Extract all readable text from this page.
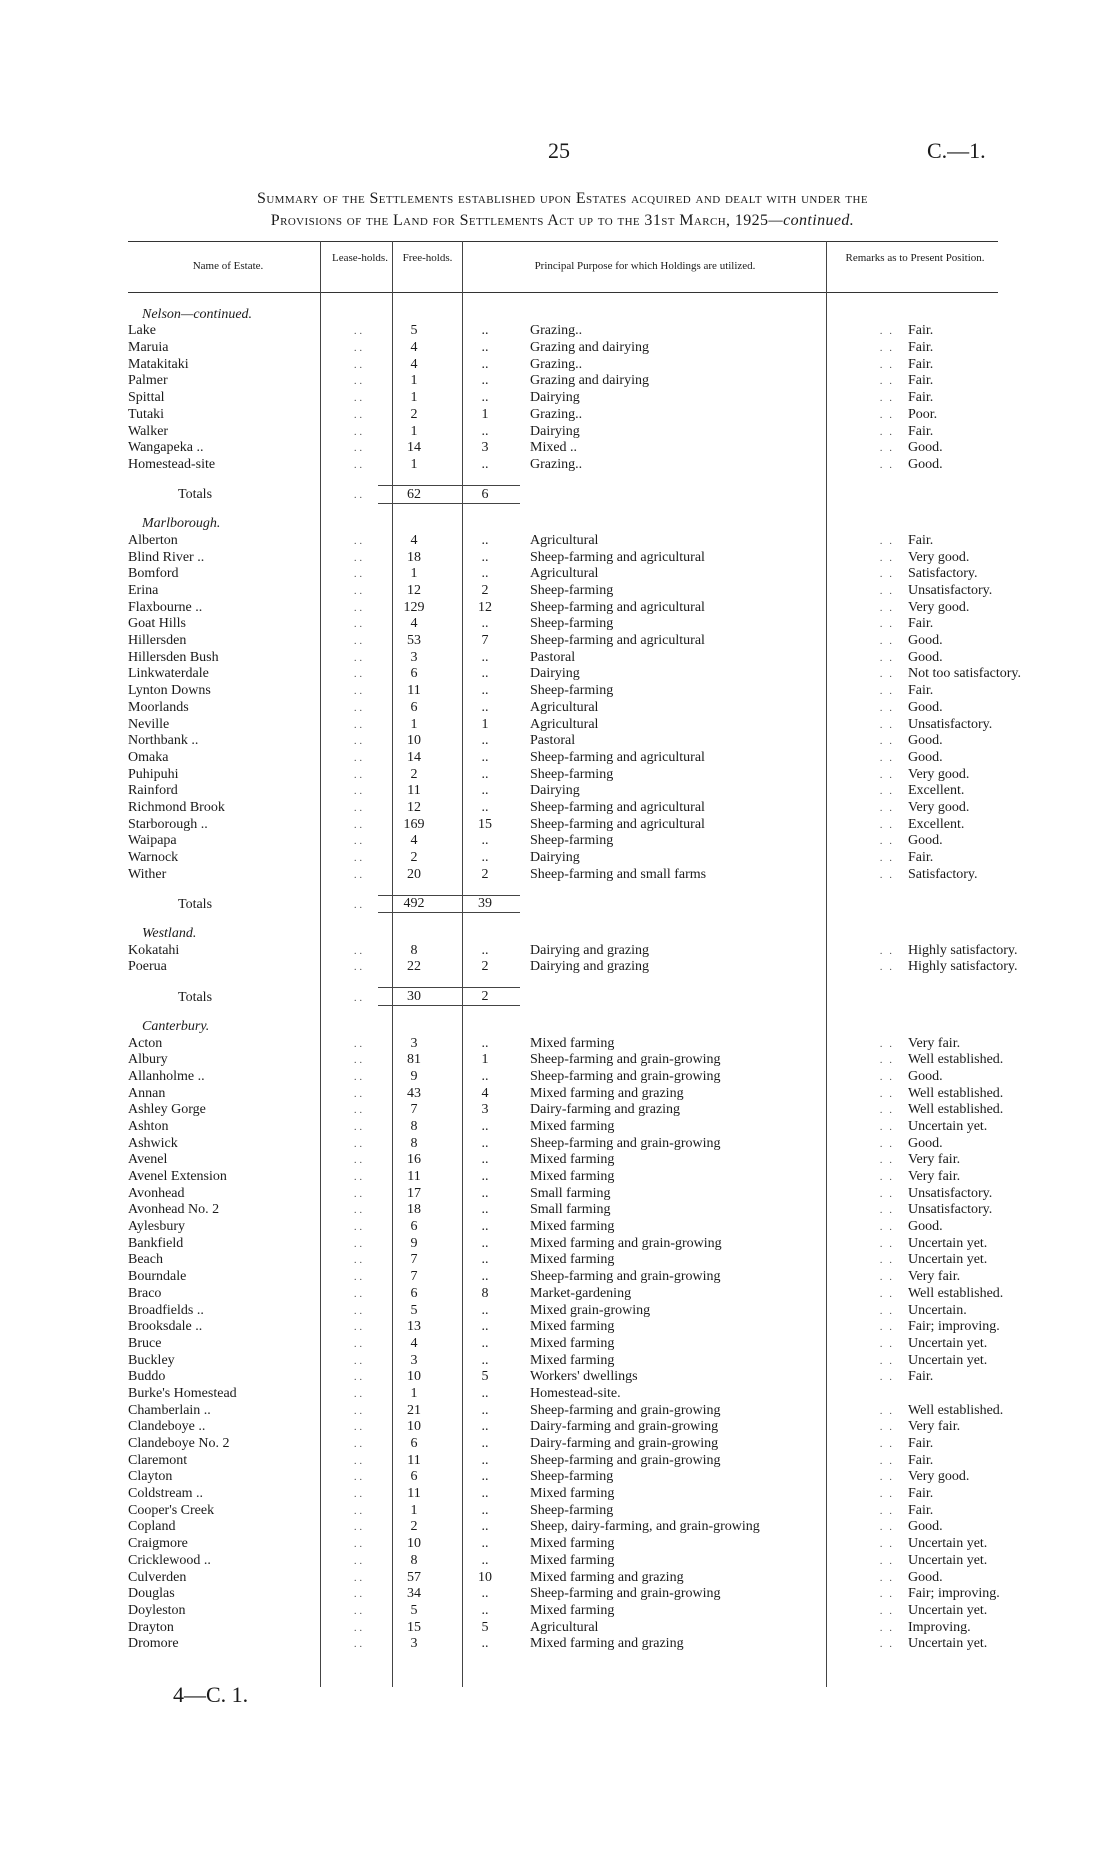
25	C.—1.
Summary of the Settlements established upon Estates acquired and dealt with under the
Provisions of the Land for Settlements Act up to the 31st March, 1925—continued.
Name of Estate.
Lease-holds.	Free-holds.
Principal Purpose for which Holdings are utilized.
Remarks as to Present Position.
Nelson—continued.						
Lake	. .	5	..	Grazing..	. .	Fair.
Maruia	. .	4	..	Grazing and dairying	. .	Fair.
Matakitaki	. .	4	..	Grazing..	. .	Fair.
Palmer	. .	1	..	Grazing and dairying	. .	Fair.
Spittal	. .	1	..	Dairying	. .	Fair.
Tutaki	. .	2	1	Grazing..	. .	Poor.
Walker	. .	1	..	Dairying	. .	Fair.
Wangapeka ..	. .	14	3	Mixed ..	. .	Good.
Homestead-site	. .	1	..	Grazing..	. .	Good.

Totals	. .	62	6			

Marlborough.						
Alberton	. .	4	..	Agricultural	. .	Fair.
Blind River ..	. .	18	..	Sheep-farming and agricultural	. .	Very good.
Bomford	. .	1	..	Agricultural	. .	Satisfactory.
Erina	. .	12	2	Sheep-farming	. .	Unsatisfactory.
Flaxbourne ..	. .	129	12	Sheep-farming and agricultural	. .	Very good.
Goat Hills	. .	4	..	Sheep-farming	. .	Fair.
Hillersden	. .	53	7	Sheep-farming and agricultural	. .	Good.
Hillersden Bush	. .	3	..	Pastoral	. .	Good.
Linkwaterdale	. .	6	..	Dairying	. .	Not too satisfactory.
Lynton Downs	. .	11	..	Sheep-farming	. .	Fair.
Moorlands	. .	6	..	Agricultural	. .	Good.
Neville	. .	1	1	Agricultural	. .	Unsatisfactory.
Northbank ..	. .	10	..	Pastoral	. .	Good.
Omaka	. .	14	..	Sheep-farming and agricultural	. .	Good.
Puhipuhi	. .	2	..	Sheep-farming	. .	Very good.
Rainford	. .	11	..	Dairying	. .	Excellent.
Richmond Brook	. .	12	..	Sheep-farming and agricultural	. .	Very good.
Starborough ..	. .	169	15	Sheep-farming and agricultural	. .	Excellent.
Waipapa	. .	4	..	Sheep-farming	. .	Good.
Warnock	. .	2	..	Dairying	. .	Fair.
Wither	. .	20	2	Sheep-farming and small farms	. .	Satisfactory.

Totals	. .	492	39			

Westland.						
Kokatahi	. .	8	..	Dairying and grazing	. .	Highly satisfactory.
Poerua	. .	22	2	Dairying and grazing	. .	Highly satisfactory.

Totals	. .	30	2			

Canterbury.						
Acton	. .	3	..	Mixed farming	. .	Very fair.
Albury	. .	81	1	Sheep-farming and grain-growing	. .	Well established.
Allanholme ..	. .	9	..	Sheep-farming and grain-growing	. .	Good.
Annan	. .	43	4	Mixed farming and grazing	. .	Well established.
Ashley Gorge	. .	7	3	Dairy-farming and grazing	. .	Well established.
Ashton	. .	8	..	Mixed farming	. .	Uncertain yet.
Ashwick	. .	8	..	Sheep-farming and grain-growing	. .	Good.
Avenel	. .	16	..	Mixed farming	. .	Very fair.
Avenel Extension	. .	11	..	Mixed farming	. .	Very fair.
Avonhead	. .	17	..	Small farming	. .	Unsatisfactory.
Avonhead No. 2	. .	18	..	Small farming	. .	Unsatisfactory.
Aylesbury	. .	6	..	Mixed farming	. .	Good.
Bankfield	. .	9	..	Mixed farming and grain-growing	. .	Uncertain yet.
Beach	. .	7	..	Mixed farming	. .	Uncertain yet.
Bourndale	. .	7	..	Sheep-farming and grain-growing	. .	Very fair.
Braco	. .	6	8	Market-gardening	. .	Well established.
Broadfields ..	. .	5	..	Mixed grain-growing	. .	Uncertain.
Brooksdale ..	. .	13	..	Mixed farming	. .	Fair; improving.
Bruce	. .	4	..	Mixed farming	. .	Uncertain yet.
Buckley	. .	3	..	Mixed farming	. .	Uncertain yet.
Buddo	. .	10	5	Workers' dwellings	. .	Fair.
Burke's Homestead	. .	1	..	Homestead-site.		
Chamberlain ..	. .	21	..	Sheep-farming and grain-growing	. .	Well established.
Clandeboye ..	. .	10	..	Dairy-farming and grain-growing	. .	Very fair.
Clandeboye No. 2	. .	6	..	Dairy-farming and grain-growing	. .	Fair.
Claremont	. .	11	..	Sheep-farming and grain-growing	. .	Fair.
Clayton	. .	6	..	Sheep-farming	. .	Very good.
Coldstream ..	. .	11	..	Mixed farming	. .	Fair.
Cooper's Creek	. .	1	..	Sheep-farming	. .	Fair.
Copland	. .	2	..	Sheep, dairy-farming, and grain-growing	. .	Good.
Craigmore	. .	10	..	Mixed farming	. .	Uncertain yet.
Cricklewood ..	. .	8	..	Mixed farming	. .	Uncertain yet.
Culverden	. .	57	10	Mixed farming and grazing	. .	Good.
Douglas	. .	34	..	Sheep-farming and grain-growing	. .	Fair; improving.
Doyleston	. .	5	..	Mixed farming	. .	Uncertain yet.
Drayton	. .	15	5	Agricultural	. .	Improving.
Dromore	. .	3	..	Mixed farming and grazing	. .	Uncertain yet.
4—C. 1.
